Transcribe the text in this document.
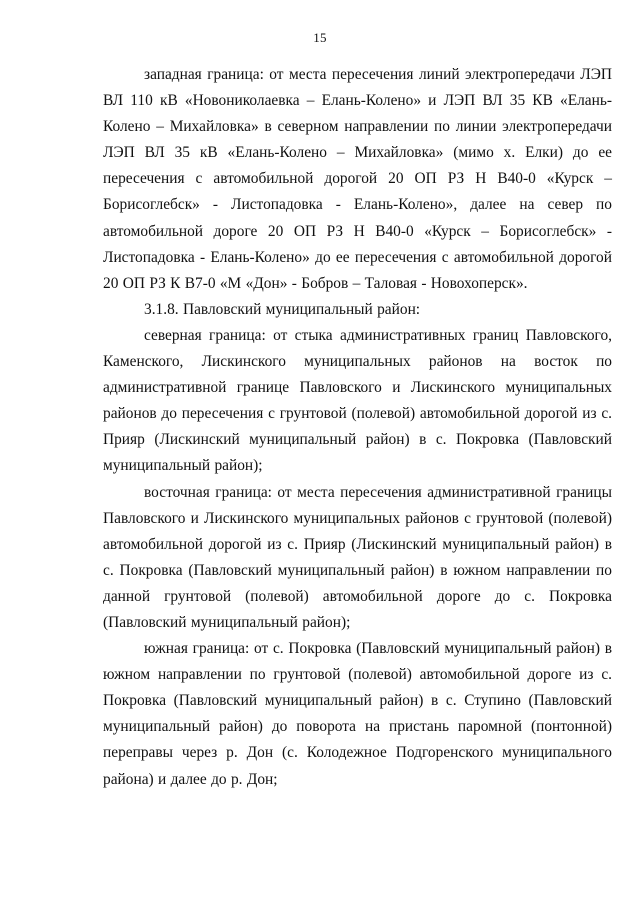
15

западная граница: от места пересечения линий электропередачи ЛЭП ВЛ 110 кВ «Новониколаевка – Елань-Колено» и ЛЭП ВЛ 35 КВ «Елань-Колено – Михайловка» в северном направлении по линии электропередачи ЛЭП ВЛ 35 кВ «Елань-Колено – Михайловка» (мимо х. Елки) до ее пересечения с автомобильной дорогой 20 ОП РЗ Н В40-0 «Курск – Борисоглебск» - Листопадовка - Елань-Колено», далее на север по автомобильной дороге 20 ОП РЗ Н В40-0 «Курск – Борисоглебск» - Листопадовка - Елань-Колено» до ее пересечения с автомобильной дорогой 20 ОП РЗ К В7-0 «М «Дон» - Бобров – Таловая - Новохоперск».

3.1.8. Павловский муниципальный район:

северная граница: от стыка административных границ Павловского, Каменского, Лискинского муниципальных районов на восток по административной границе Павловского и Лискинского муниципальных районов до пересечения с грунтовой (полевой) автомобильной дорогой из с. Прияр (Лискинский муниципальный район) в с. Покровка (Павловский муниципальный район);

восточная граница: от места пересечения административной границы Павловского и Лискинского муниципальных районов с грунтовой (полевой) автомобильной дорогой из с. Прияр (Лискинский муниципальный район) в с. Покровка (Павловский муниципальный район) в южном направлении по данной грунтовой (полевой) автомобильной дороге до с. Покровка (Павловский муниципальный район);

южная граница: от с. Покровка (Павловский муниципальный район) в южном направлении по грунтовой (полевой) автомобильной дороге из с. Покровка (Павловский муниципальный район) в с. Ступино (Павловский муниципальный район) до поворота на пристань паромной (понтонной) переправы через р. Дон (с. Колодежное Подгоренского муниципального района) и далее до р. Дон;
